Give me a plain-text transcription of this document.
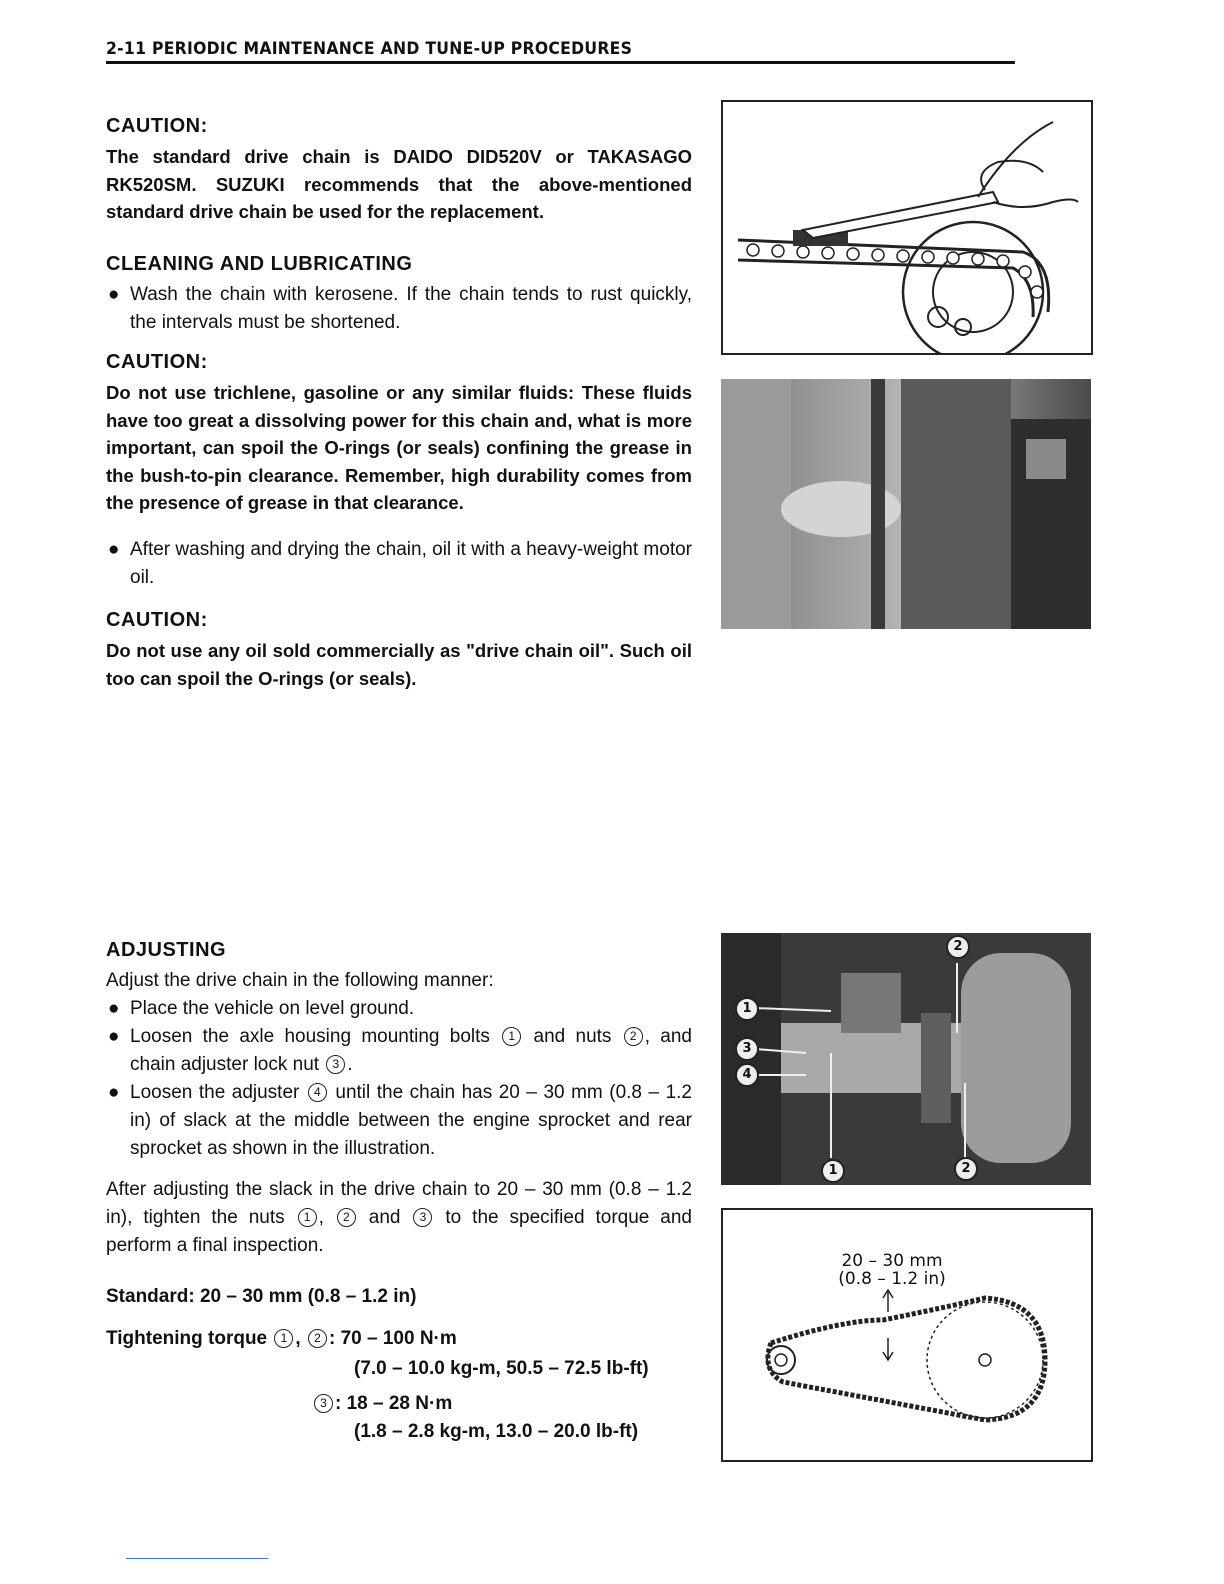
2-11 PERIODIC MAINTENANCE AND TUNE-UP PROCEDURES

CAUTION:

The standard drive chain is DAIDO DID520V or TAKASAGO RK520SM. SUZUKI recommends that the above-mentioned standard drive chain be used for the replacement.

CLEANING AND LUBRICATING

● Wash the chain with kerosene. If the chain tends to rust quickly, the intervals must be shortened.

CAUTION:

Do not use trichlene, gasoline or any similar fluids: These fluids have too great a dissolving power for this chain and, what is more important, can spoil the O-rings (or seals) confining the grease in the bush-to-pin clearance. Remember, high durability comes from the presence of grease in that clearance.

● After washing and drying the chain, oil it with a heavy-weight motor oil.

CAUTION:

Do not use any oil sold commercially as "drive chain oil". Such oil too can spoil the O-rings (or seals).

ADJUSTING

Adjust the drive chain in the following manner:

● Place the vehicle on level ground.

● Loosen the axle housing mounting bolts 1 and nuts 2 , and chain adjuster lock nut 3 .

● Loosen the adjuster 4 until the chain has 20 – 30 mm (0.8 – 1.2 in) of slack at the middle between the engine sprocket and rear sprocket as shown in the illustration.

After adjusting the slack in the drive chain to 20 – 30 mm (0.8 – 1.2 in), tighten the nuts 1 , 2 and 3 to the specified torque and perform a final inspection.

Standard: 20 – 30 mm (0.8 – 1.2 in)
Tightening torque 1 , 2 : 70 – 100 N·m
(7.0 – 10.0 kg-m, 50.5 – 72.5 lb-ft)
3 : 18 – 28 N·m
(1.8 – 2.8 kg-m, 13.0 – 20.0 lb-ft)
2
1
3
4
1	2
20 – 30 mm
(0.8 – 1.2 in)
